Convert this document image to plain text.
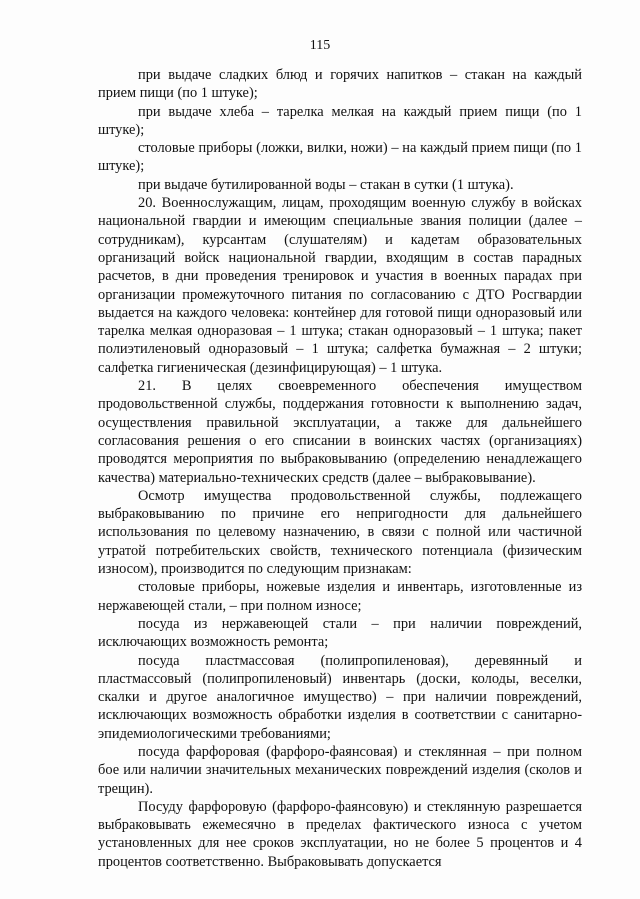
115

при выдаче сладких блюд и горячих напитков – стакан на каждый прием пищи (по 1 штуке);

при выдаче хлеба – тарелка мелкая на каждый прием пищи (по 1 штуке);

столовые приборы (ложки, вилки, ножи) – на каждый прием пищи (по 1 штуке);

при выдаче бутилированной воды – стакан в сутки (1 штука).

20. Военнослужащим, лицам, проходящим военную службу в войсках национальной гвардии и имеющим специальные звания полиции (далее – сотрудникам), курсантам (слушателям) и кадетам образовательных организаций войск национальной гвардии, входящим в состав парадных расчетов, в дни проведения тренировок и участия в военных парадах при организации промежуточного питания по согласованию с ДТО Росгвардии выдается на каждого человека: контейнер для готовой пищи одноразовый или тарелка мелкая одноразовая – 1 штука; стакан одноразовый – 1 штука; пакет полиэтиленовый одноразовый – 1 штука; салфетка бумажная – 2 штуки; салфетка гигиеническая (дезинфицирующая) – 1 штука.

21. В целях своевременного обеспечения имуществом продовольственной службы, поддержания готовности к выполнению задач, осуществления правильной эксплуатации, а также для дальнейшего согласования решения о его списании в воинских частях (организациях) проводятся мероприятия по выбраковыванию (определению ненадлежащего качества) материально-технических средств (далее – выбраковывание).

Осмотр имущества продовольственной службы, подлежащего выбраковыванию по причине его непригодности для дальнейшего использования по целевому назначению, в связи с полной или частичной утратой потребительских свойств, технического потенциала (физическим износом), производится по следующим признакам:

столовые приборы, ножевые изделия и инвентарь, изготовленные из нержавеющей стали, – при полном износе;

посуда из нержавеющей стали – при наличии повреждений, исключающих возможность ремонта;

посуда пластмассовая (полипропиленовая), деревянный и пластмассовый (полипропиленовый) инвентарь (доски, колоды, веселки, скалки и другое аналогичное имущество) – при наличии повреждений, исключающих возможность обработки изделия в соответствии с санитарно-эпидемиологическими требованиями;

посуда фарфоровая (фарфоро-фаянсовая) и стеклянная – при полном бое или наличии значительных механических повреждений изделия (сколов и трещин).

Посуду фарфоровую (фарфоро-фаянсовую) и стеклянную разрешается выбраковывать ежемесячно в пределах фактического износа с учетом установленных для нее сроков эксплуатации, но не более 5 процентов и 4 процентов соответственно. Выбраковывать допускается
